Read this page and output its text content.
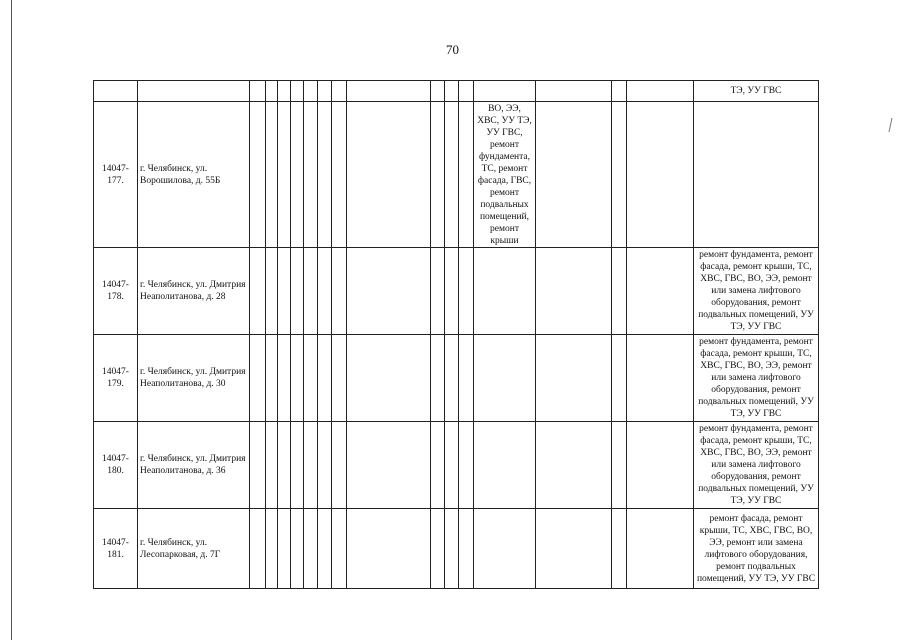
70
																	ТЭ, УУ ГВС
14047-177.	г. Челябинск, ул. Ворошилова, д. 55Б												ВО, ЭЭ, ХВС, УУ ТЭ, УУ ГВС, ремонт фундамента, ТС, ремонт фасада, ГВС, ремонт подвальных помещений, ремонт крыши				
14047-178.	г. Челябинск, ул. Дмитрия Неаполитанова, д. 28																ремонт фундамента, ремонт фасада, ремонт крыши, ТС, ХВС, ГВС, ВО, ЭЭ, ремонт или замена лифтового оборудования, ремонт подвальных помещений, УУ ТЭ, УУ ГВС
14047-179.	г. Челябинск, ул. Дмитрия Неаполитанова, д. 30																ремонт фундамента, ремонт фасада, ремонт крыши, ТС, ХВС, ГВС, ВО, ЭЭ, ремонт или замена лифтового оборудования, ремонт подвальных помещений, УУ ТЭ, УУ ГВС
14047-180.	г. Челябинск, ул. Дмитрия Неаполитанова, д. 36																ремонт фундамента, ремонт фасада, ремонт крыши, ТС, ХВС, ГВС, ВО, ЭЭ, ремонт или замена лифтового оборудования, ремонт подвальных помещений, УУ ТЭ, УУ ГВС
14047-181.	г. Челябинск, ул. Лесопарковая, д. 7Г																ремонт фасада, ремонт крыши, ТС, ХВС, ГВС, ВО, ЭЭ, ремонт или замена лифтового оборудования, ремонт подвальных помещений, УУ ТЭ, УУ ГВС
